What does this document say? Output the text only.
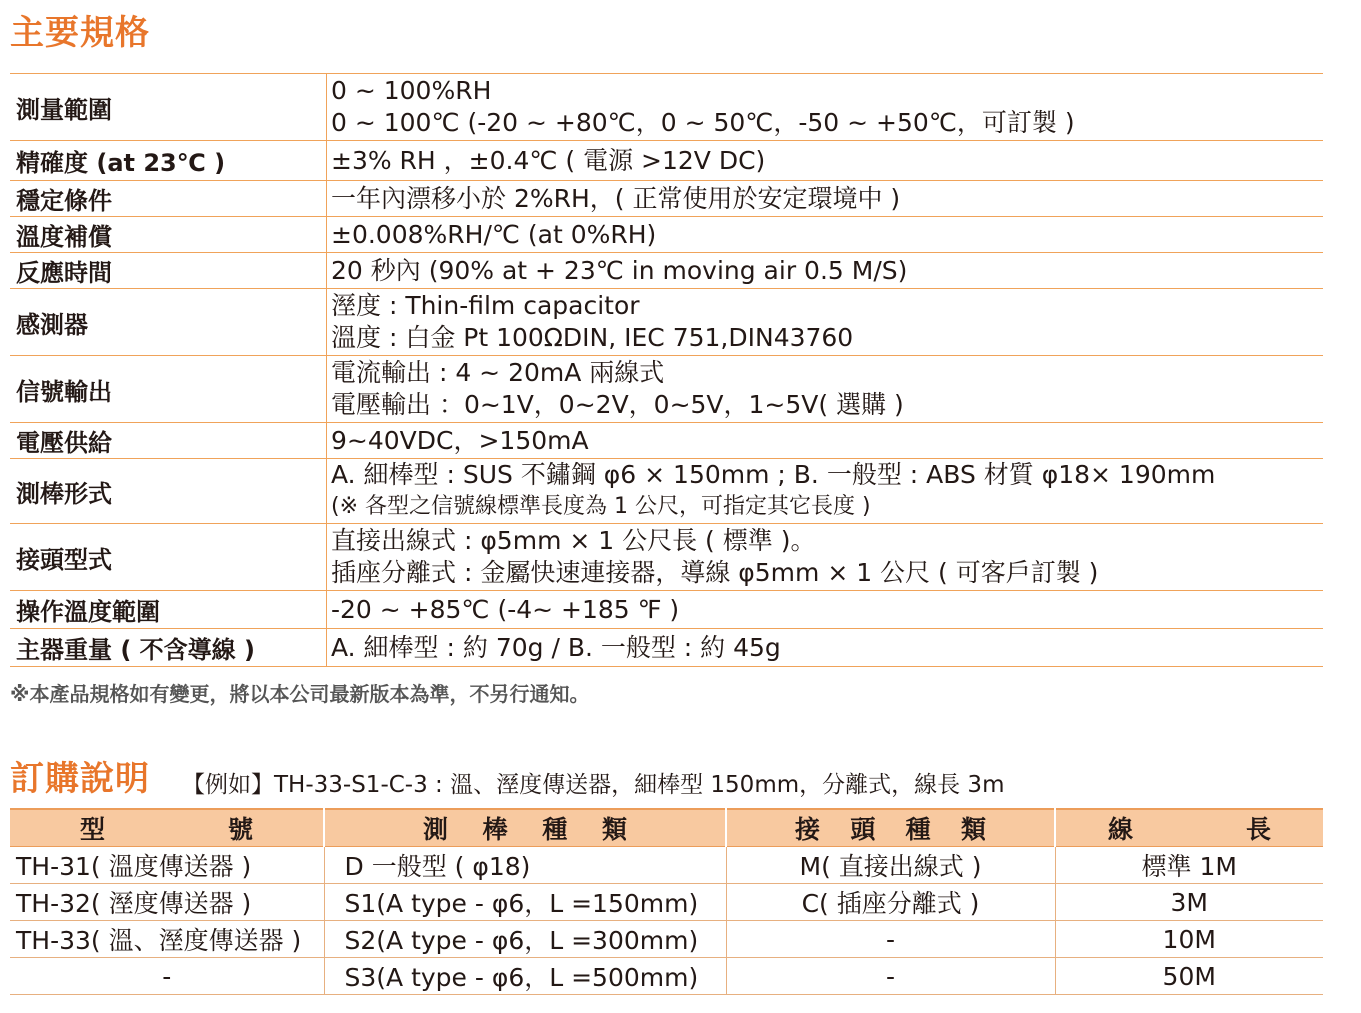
主要規格
測量範圍	0 ~ 100%RH
0 ~ 100℃ (-20 ~ +80℃，0 ~ 50℃，-50 ~ +50℃，可訂製 )

精確度 (at 23℃ )	±3% RH ，±0.4℃ ( 電源 >12V DC)

穩定條件	一年內漂移小於 2%RH，( 正常使用於安定環境中 )

溫度補償	±0.008%RH/℃ (at 0%RH)

反應時間	20 秒內 (90% at + 23℃ in moving air 0.5 M/S)

感測器	溼度 : Thin-film capacitor
溫度 : 白金 Pt 100ΩDIN, IEC 751,DIN43760

信號輸出	電流輸出 : 4 ~ 20mA 兩線式
電壓輸出 ：0~1V，0~2V，0~5V，1~5V( 選購 )

電壓供給	9~40VDC，>150mA

測棒形式	A. 細棒型 : SUS 不鏽鋼 φ6 × 150mm ; B. 一般型 : ABS 材質 φ18× 190mm
(※ 各型之信號線標準長度為 1 公尺，可指定其它長度 )

接頭型式	直接出線式 : φ5mm × 1 公尺長 ( 標準 )。
插座分離式 : 金屬快速連接器，導線 φ5mm × 1 公尺 ( 可客戶訂製 )

操作溫度範圍	-20 ~ +85℃ (-4~ +185 ℉ )

主器重量 ( 不含導線 )	A. 細棒型 : 約 70g / B. 一般型 : 約 45g
※本產品規格如有變更，將以本公司最新版本為準，不另行通知。
訂購說明 【例如】TH-33-S1-C-3 : 溫、溼度傳送器，細棒型 150mm，分離式，線長 3m
型 號	測 棒 種 類	接 頭 種 類	線 長

TH-31( 溫度傳送器 )	D 一般型 ( φ18)	M( 直接出線式 )	標準 1M
TH-32( 溼度傳送器 )	S1(A type - φ6，L =150mm)	C( 插座分離式 )	3M
TH-33( 溫、溼度傳送器 )	S2(A type - φ6，L =300mm)	-	10M
-	S3(A type - φ6，L =500mm)	-	50M
